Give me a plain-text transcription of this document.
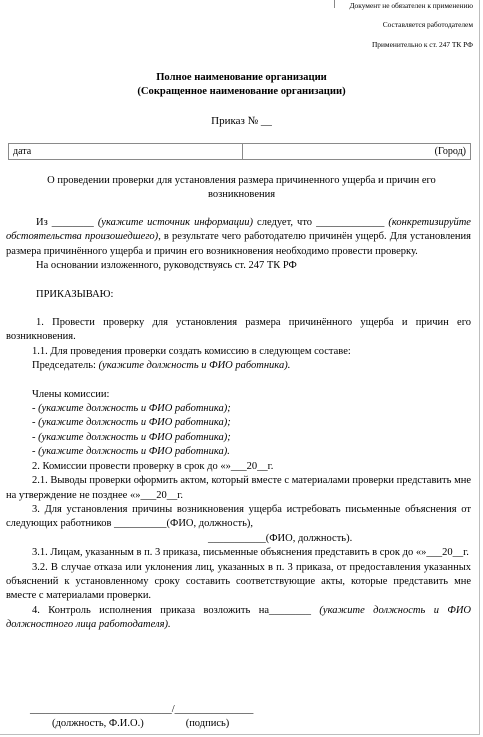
Документ не обязателен к применению
Составляется работодателем
Применительно к ст. 247 ТК РФ
Полное наименование организации
(Сокращенное наименование организации)
Приказ № __
дата	(Город)
О проведении проверки для установления размера причиненного ущерба и причин его возникновения

Из ________ (укажите источник информации) следует, что _____________ (конкретизируйте обстоятельства произошедшего), в результате чего работодателю причинён ущерб. Для установления размера причинённого ущерба и причин его возникновения необходимо провести проверку.

На основании изложенного, руководствуясь ст. 247 ТК РФ

ПРИКАЗЫВАЮ:

1. Провести проверку для установления размера причинённого ущерба и причин его возникновения.

1.1. Для проведения проверки создать комиссию в следующем составе:

Председатель: (укажите должность и ФИО работника).

Члены комиссии:

- (укажите должность и ФИО работника);

- (укажите должность и ФИО работника);

- (укажите должность и ФИО работника);

- (укажите должность и ФИО работника).

2. Комиссии провести проверку в срок до «»___20__г.

2.1. Выводы проверки оформить актом, который вместе с материалами проверки представить мне на утверждение не позднее «»___20__г.

3. Для установления причины возникновения ущерба истребовать письменные объяснения от следующих работников __________(ФИО, должность),

___________(ФИО, должность).

3.1. Лицам, указанным в п. 3 приказа, письменные объяснения представить в срок до «»___20__г.

3.2. В случае отказа или уклонения лиц, указанных в п. 3 приказа, от предоставления указанных объяснений к установленному сроку составить соответствующие акты, которые представить мне вместе с материалами проверки.

4. Контроль исполнения приказа возложить на________ (укажите должность и ФИО должностного лица работодателя).

___________________________/_______________
(должность, Ф.И.О.)                (подпись)
